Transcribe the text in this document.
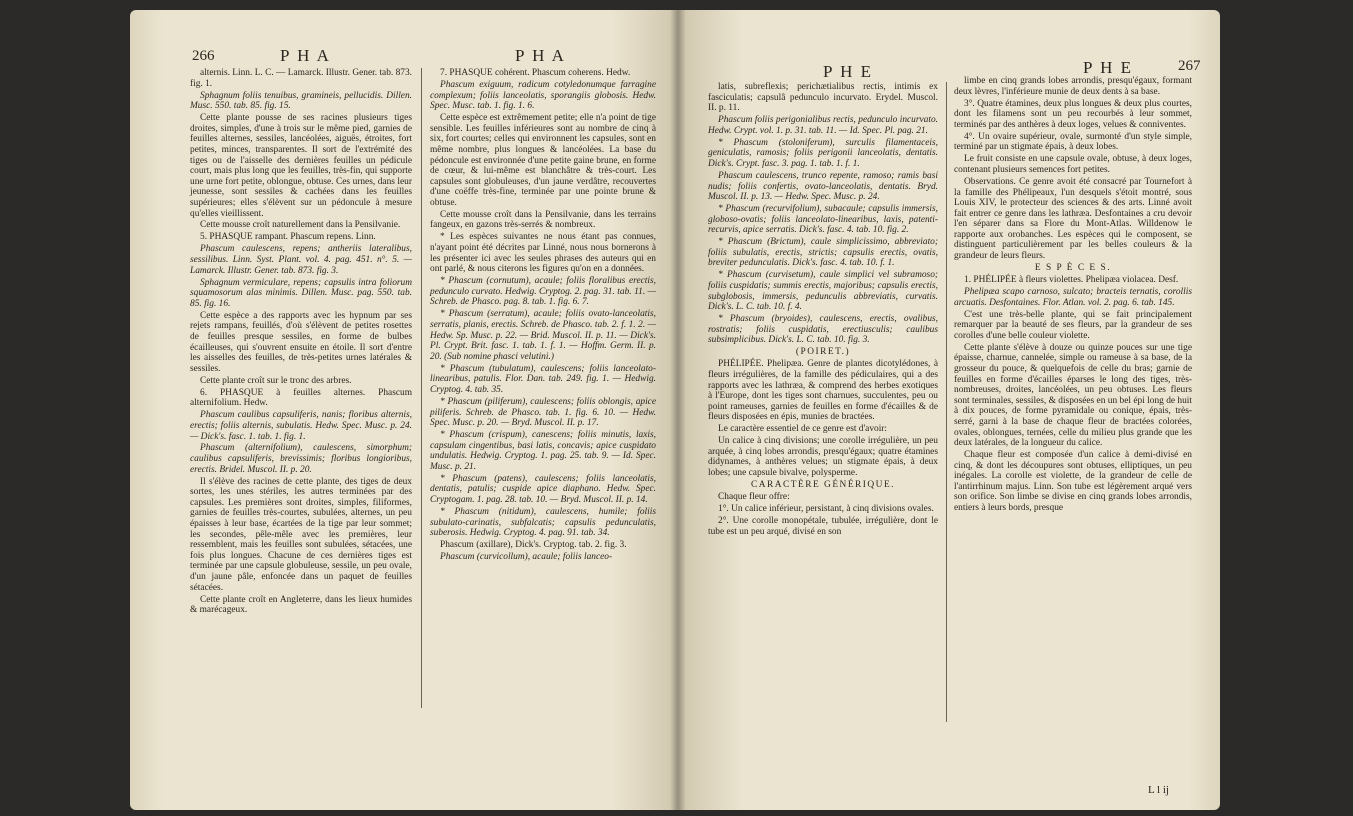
266	P H A	P H A

alternis. Linn. L. C. — Lamarck. Illustr. Gener. tab. 873. fig. 1.

Sphagnum foliis tenuibus, gramineis, pellucidis. Dillen. Musc. 550. tab. 85. fig. 15.

Cette plante pousse de ses racines plusieurs tiges droites, simples, d'une à trois sur le même pied, garnies de feuilles alternes, sessiles, lancéolées, aiguës, étroites, fort petites, minces, transparentes. Il sort de l'extrémité des tiges ou de l'aisselle des dernières feuilles un pédicule court, mais plus long que les feuilles, très-fin, qui supporte une urne fort petite, oblongue, obtuse. Ces urnes, dans leur jeunesse, sont sessiles & cachées dans les feuilles supérieures; elles s'élèvent sur un pédoncule à mesure qu'elles vieillissent.

Cette mousse croît naturellement dans la Pensilvanie.

5. PHASQUE rampant. Phascum repens. Linn.

Phascum caulescens, repens; antheriis lateralibus, sessilibus. Linn. Syst. Plant. vol. 4. pag. 451. n°. 5. — Lamarck. Illustr. Gener. tab. 873. fig. 3.

Sphagnum vermiculare, repens; capsulis intra foliorum squamosorum alas minimis. Dillen. Musc. pag. 550. tab. 85. fig. 16.

Cette espèce a des rapports avec les hypnum par ses rejets rampans, feuillés, d'où s'élèvent de petites rosettes de feuilles presque sessiles, en forme de bulbes écailleuses, qui s'ouvrent ensuite en étoile. Il sort d'entre les aisselles des feuilles, de très-petites urnes latérales & sessiles.

Cette plante croît sur le tronc des arbres.

6. PHASQUE à feuilles alternes. Phascum alternifolium. Hedw.

Phascum caulibus capsuliferis, nanis; floribus alternis, erectis; foliis alternis, subulatis. Hedw. Spec. Musc. p. 24. — Dick's. fasc. 1. tab. 1. fig. 1.

Phascum (alternifolium), caulescens, simorphum; caulibus capsuliferis, brevissimis; floribus longioribus, erectis. Bridel. Muscol. II. p. 20.

Il s'élève des racines de cette plante, des tiges de deux sortes, les unes stériles, les autres terminées par des capsules. Les premières sont droites, simples, filiformes, garnies de feuilles très-courtes, subulées, alternes, un peu épaisses à leur base, écartées de la tige par leur sommet; les secondes, pêle-mêle avec les premières, leur ressemblent, mais les feuilles sont subulées, sétacées, une fois plus longues. Chacune de ces dernières tiges est terminée par une capsule globuleuse, sessile, un peu ovale, d'un jaune pâle, enfoncée dans un paquet de feuilles sétacées.

Cette plante croît en Angleterre, dans les lieux humides & marécageux.

7. PHASQUE cohérent. Phascum coherens. Hedw.

Phascum exiguum, radicum cotyledonumque farragine complexum; foliis lanceolatis, sporangiis globosis. Hedw. Spec. Musc. tab. 1. fig. 1. 6.

Cette espèce est extrêmement petite; elle n'a point de tige sensible. Les feuilles inférieures sont au nombre de cinq à six, fort courtes; celles qui environnent les capsules, sont en même nombre, plus longues & lancéolées. La base du pédoncule est environnée d'une petite gaine brune, en forme de cœur, & lui-même est blanchâtre & très-court. Les capsules sont globuleuses, d'un jaune verdâtre, recouvertes d'une coëffe très-fine, terminée par une pointe brune & obtuse.

Cette mousse croît dans la Pensilvanie, dans les terrains fangeux, en gazons très-serrés & nombreux.

* Les espèces suivantes ne nous étant pas connues, n'ayant point été décrites par Linné, nous nous bornerons à les présenter ici avec les seules phrases des auteurs qui en ont parlé, & nous citerons les figures qu'on en a données.

* Phascum (cornutum), acaule; foliis floralibus erectis, pedunculo curvato. Hedwig. Cryptog. 2. pag. 31. tab. 11. — Schreb. de Phasco. pag. 8. tab. 1. fig. 6. 7.

* Phascum (serratum), acaule; foliis ovato-lanceolatis, serratis, planis, erectis. Schreb. de Phasco. tab. 2. f. 1. 2. — Hedw. Sp. Musc. p. 22. — Brid. Muscol. II. p. 11. — Dick's. Pl. Crypt. Brit. fasc. 1. tab. 1. f. 1. — Hoffm. Germ. II. p. 20. (Sub nomine phasci velutini.)

* Phascum (tubulatum), caulescens; foliis lanceolato-linearibus, patulis. Flor. Dan. tab. 249. fig. 1. — Hedwig. Cryptog. 4. tab. 35.

* Phascum (piliferum), caulescens; foliis oblongis, apice piliferis. Schreb. de Phasco. tab. 1. fig. 6. 10. — Hedw. Spec. Musc. p. 20. — Bryd. Muscol. II. p. 17.

* Phascum (crispum), canescens; foliis minutis, laxis, capsulam cingentibus, basi latis, concavis; apice cuspidato undulatis. Hedwig. Cryptog. 1. pag. 25. tab. 9. — Id. Spec. Musc. p. 21.

* Phascum (patens), caulescens; foliis lanceolatis, dentatis, patulis; cuspide apice diaphano. Hedw. Spec. Cryptogam. 1. pag. 28. tab. 10. — Bryd. Muscol. II. p. 14.

* Phascum (nitidum), caulescens, humile; foliis subulato-carinatis, subfalcatis; capsulis pedunculatis, suberosis. Hedwig. Cryptog. 4. pag. 91. tab. 34.

Phascum (axillare), Dick's. Cryptog. tab. 2. fig. 3.

Phascum (curvicollum), acaule; foliis lanceo-

P H E	P H E	267

latis, subreflexis; perichætialibus rectis, intimis ex fasciculatis; capsulâ pedunculo incurvato. Erydel. Muscol. II. p. 11.

Phascum foliis perigonialibus rectis, pedunculo incurvato. Hedw. Crypt. vol. 1. p. 31. tab. 11. — Id. Spec. Pl. pag. 21.

* Phascum (stoloniferum), surculis filamentaceis, geniculatis, ramosis; foliis perigonii lanceolatis, dentatis. Dick's. Crypt. fasc. 3. pag. 1. tab. 1. f. 1.

Phascum caulescens, trunco repente, ramoso; ramis basi nudis; foliis confertis, ovato-lanceolatis, dentatis. Bryd. Muscol. II. p. 13. — Hedw. Spec. Musc. p. 24.

* Phascum (recurvifolium), subacaule; capsulis immersis, globoso-ovatis; foliis lanceolato-linearibus, laxis, patenti-recurvis, apice serratis. Dick's. fasc. 4. tab. 10. fig. 2.

* Phascum (Brictum), caule simplicissimo, abbreviato; foliis subulatis, erectis, strictis; capsulis erectis, ovatis, breviter pedunculatis. Dick's. fasc. 4. tab. 10. f. 1.

* Phascum (curvisetum), caule simplici vel subramoso; foliis cuspidatis; summis erectis, majoribus; capsulis erectis, subglobosis, immersis, pedunculis abbreviatis, curvatis. Dick's. L. C. tab. 10. f. 4.

* Phascum (bryoides), caulescens, erectis, ovalibus, rostratis; foliis cuspidatis, erectiusculis; caulibus subsimplicibus. Dick's. L. C. tab. 10. fig. 3.

(POIRET.)

PHÉLIPÉE. Phelipæa. Genre de plantes dicotylédones, à fleurs irrégulières, de la famille des pédiculaires, qui a des rapports avec les lathræa, & comprend des herbes exotiques à l'Europe, dont les tiges sont charnues, succulentes, peu ou point rameuses, garnies de feuilles en forme d'écailles & de fleurs disposées en épis, munies de bractées.

Le caractère essentiel de ce genre est d'avoir:

Un calice à cinq divisions; une corolle irrégulière, un peu arquée, à cinq lobes arrondis, presqu'égaux; quatre étamines didynames, à anthères velues; un stigmate épais, à deux lobes; une capsule bivalve, polysperme.

CARACTÈRE GÉNÉRIQUE.

Chaque fleur offre:

1°. Un calice inférieur, persistant, à cinq divisions ovales.

2°. Une corolle monopétale, tubulée, irrégulière, dont le tube est un peu arqué, divisé en son

limbe en cinq grands lobes arrondis, presqu'égaux, formant deux lèvres, l'inférieure munie de deux dents à sa base.

3°. Quatre étamines, deux plus longues & deux plus courtes, dont les filamens sont un peu recourbés à leur sommet, terminés par des anthères à deux loges, velues & conniventes.

4°. Un ovaire supérieur, ovale, surmonté d'un style simple, terminé par un stigmate épais, à deux lobes.

Le fruit consiste en une capsule ovale, obtuse, à deux loges, contenant plusieurs semences fort petites.

Observations. Ce genre avoit été consacré par Tournefort à la famille des Phélipeaux, l'un desquels s'étoit montré, sous Louis XIV, le protecteur des sciences & des arts. Linné avoit fait entrer ce genre dans les lathræa. Desfontaines a cru devoir l'en séparer dans sa Flore du Mont-Atlas. Willdenow le rapporte aux orobanches. Les espèces qui le composent, se distinguent particulièrement par les belles couleurs & la grandeur de leurs fleurs.

E S P È C E S.

1. PHÉLIPÉE à fleurs violettes. Phelipæa violacea. Desf.

Phelipæa scapo carnoso, sulcato; bracteis ternatis, corollis arcuatis. Desfontaines. Flor. Atlan. vol. 2. pag. 6. tab. 145.

C'est une très-belle plante, qui se fait principalement remarquer par la beauté de ses fleurs, par la grandeur de ses corolles d'une belle couleur violette.

Cette plante s'élève à douze ou quinze pouces sur une tige épaisse, charnue, cannelée, simple ou rameuse à sa base, de la grosseur du pouce, & quelquefois de celle du bras; garnie de feuilles en forme d'écailles éparses le long des tiges, très-nombreuses, droites, lancéolées, un peu obtuses. Les fleurs sont terminales, sessiles, & disposées en un bel épi long de huit à dix pouces, de forme pyramidale ou conique, épais, très-serré, garni à la base de chaque fleur de bractées colorées, ovales, oblongues, ternées, celle du milieu plus grande que les deux latérales, de la longueur du calice.

Chaque fleur est composée d'un calice à demi-divisé en cinq, & dont les découpures sont obtuses, elliptiques, un peu inégales. La corolle est violette, de la grandeur de celle de l'antirrhinum majus. Linn. Son tube est légèrement arqué vers son orifice. Son limbe se divise en cinq grands lobes arrondis, entiers à leurs bords, presque

L l ij
